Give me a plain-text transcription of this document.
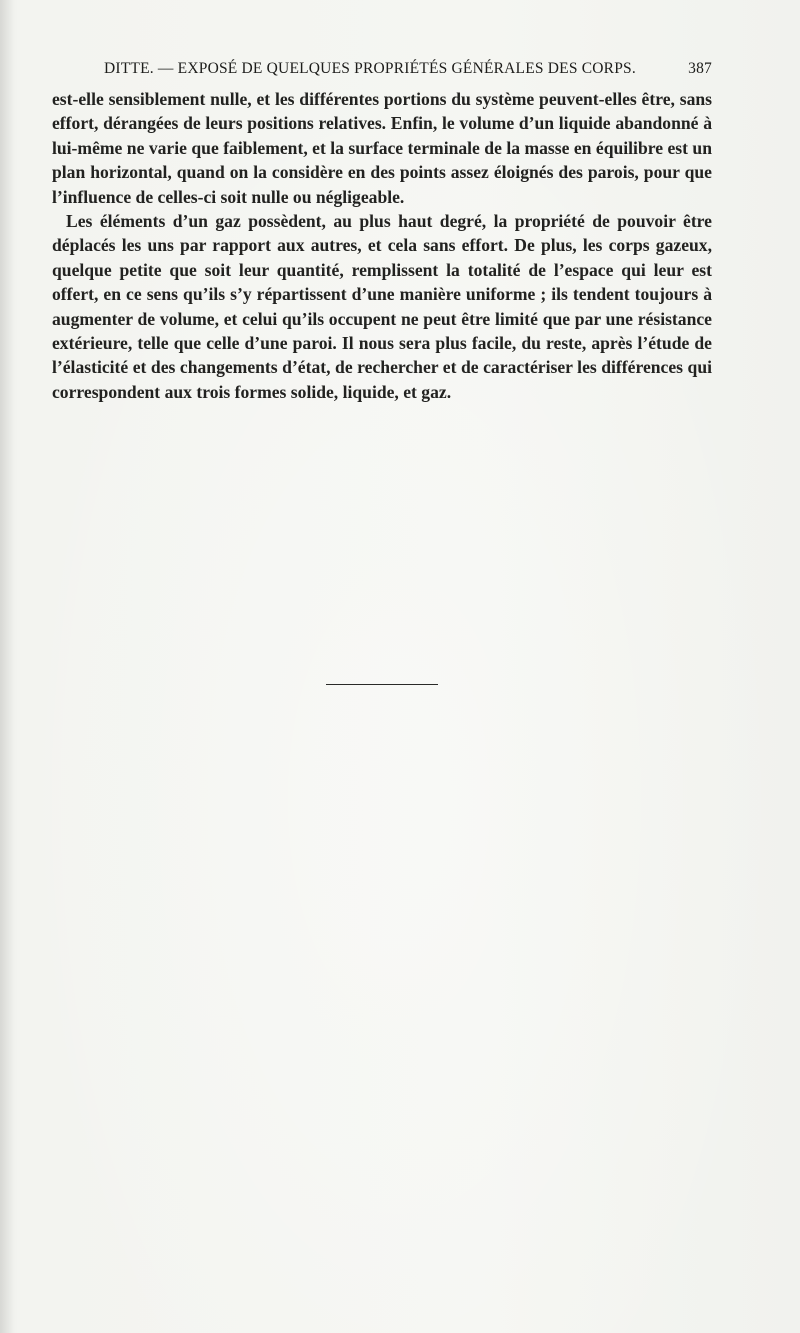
DITTE. — EXPOSÉ DE QUELQUES PROPRIÉTÉS GÉNÉRALES DES CORPS.	387

est-elle sensiblement nulle, et les différentes portions du système peuvent-elles être, sans effort, dérangées de leurs positions relatives. Enfin, le volume d’un liquide abandonné à lui-même ne varie que faiblement, et la surface terminale de la masse en équilibre est un plan horizontal, quand on la considère en des points assez éloignés des parois, pour que l’influence de celles-ci soit nulle ou négligeable.

Les éléments d’un gaz possèdent, au plus haut degré, la propriété de pouvoir être déplacés les uns par rapport aux autres, et cela sans effort. De plus, les corps gazeux, quelque petite que soit leur quantité, remplissent la totalité de l’espace qui leur est offert, en ce sens qu’ils s’y répartissent d’une manière uniforme ; ils tendent toujours à augmenter de volume, et celui qu’ils occupent ne peut être limité que par une résistance extérieure, telle que celle d’une paroi. Il nous sera plus facile, du reste, après l’étude de l’élasticité et des changements d’état, de rechercher et de caractériser les différences qui correspondent aux trois formes solide, liquide, et gaz.
